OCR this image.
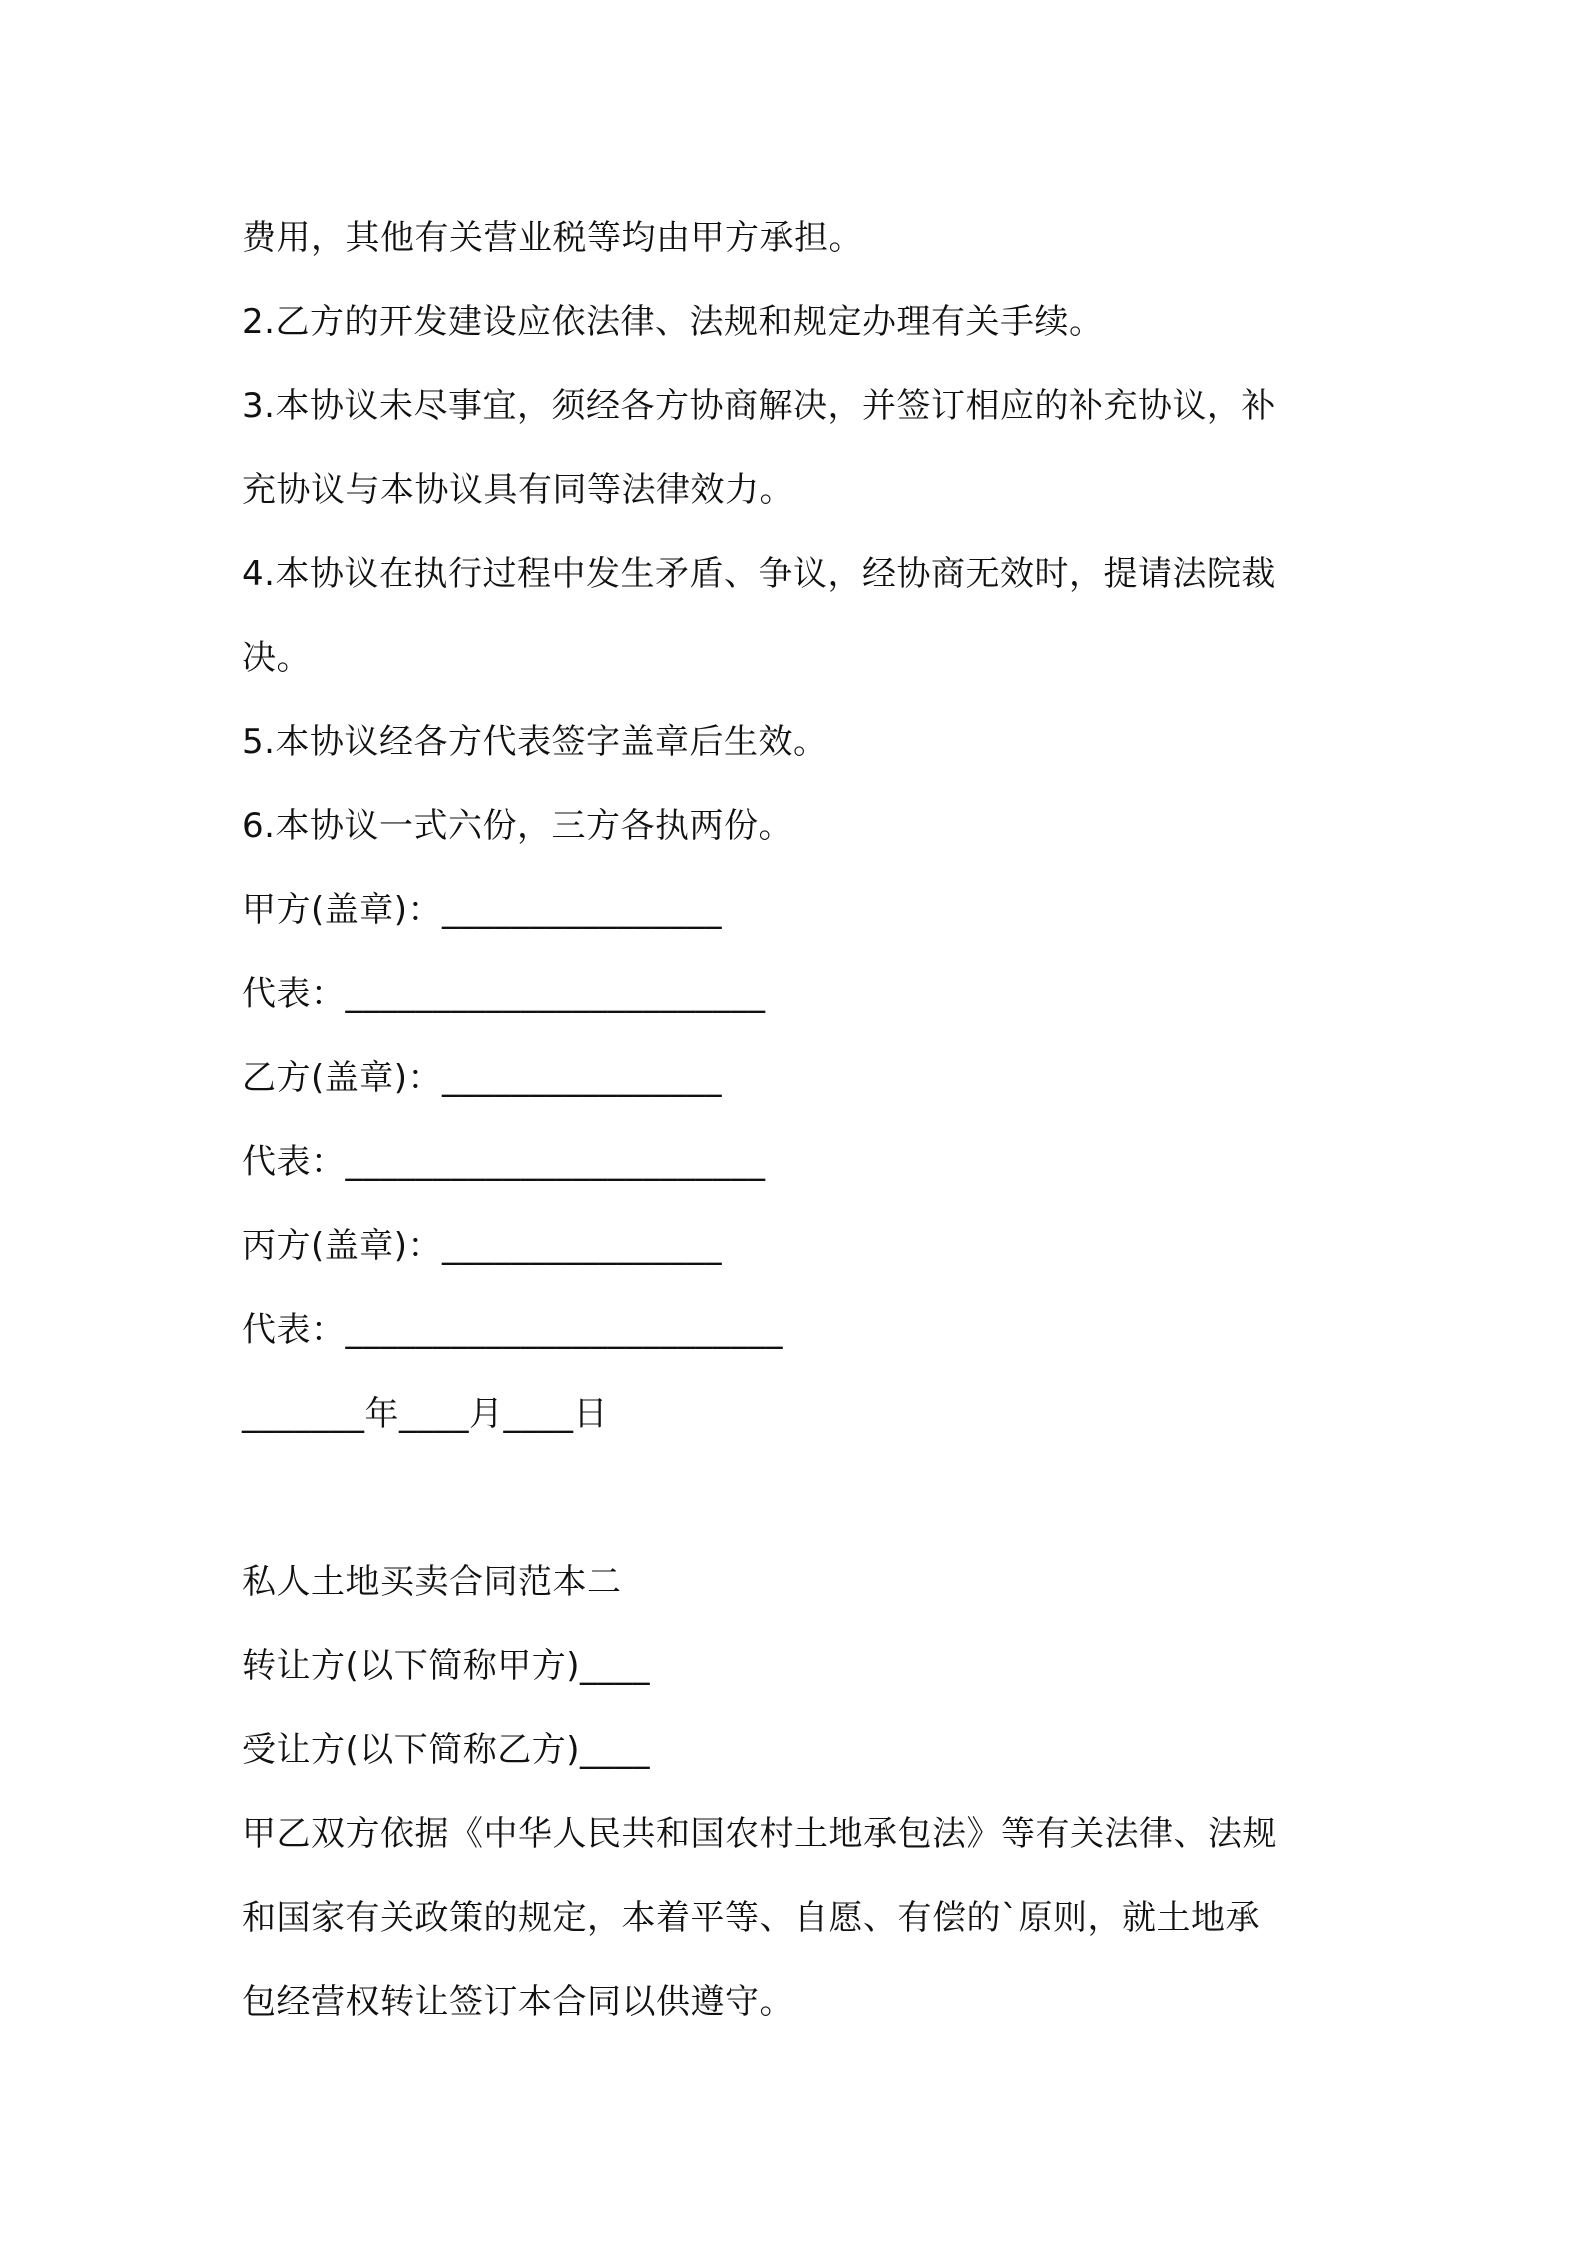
费用，其他有关营业税等均由甲方承担。
2.乙方的开发建设应依法律、法规和规定办理有关手续。
3.本协议未尽事宜，须经各方协商解决，并签订相应的补充协议，补
充协议与本协议具有同等法律效力。
4.本协议在执行过程中发生矛盾、争议，经协商无效时，提请法院裁
决。
5.本协议经各方代表签字盖章后生效。
6.本协议一式六份，三方各执两份。
甲方(盖章)：________________
代表：________________________
乙方(盖章)：________________
代表：________________________
丙方(盖章)：________________
代表：_________________________
_______年____月____日
私人土地买卖合同范本二
转让方(以下简称甲方)____
受让方(以下简称乙方)____
甲乙双方依据《中华人民共和国农村土地承包法》等有关法律、法规
和国家有关政策的规定，本着平等、自愿、有偿的`原则，就土地承
包经营权转让签订本合同以供遵守。
